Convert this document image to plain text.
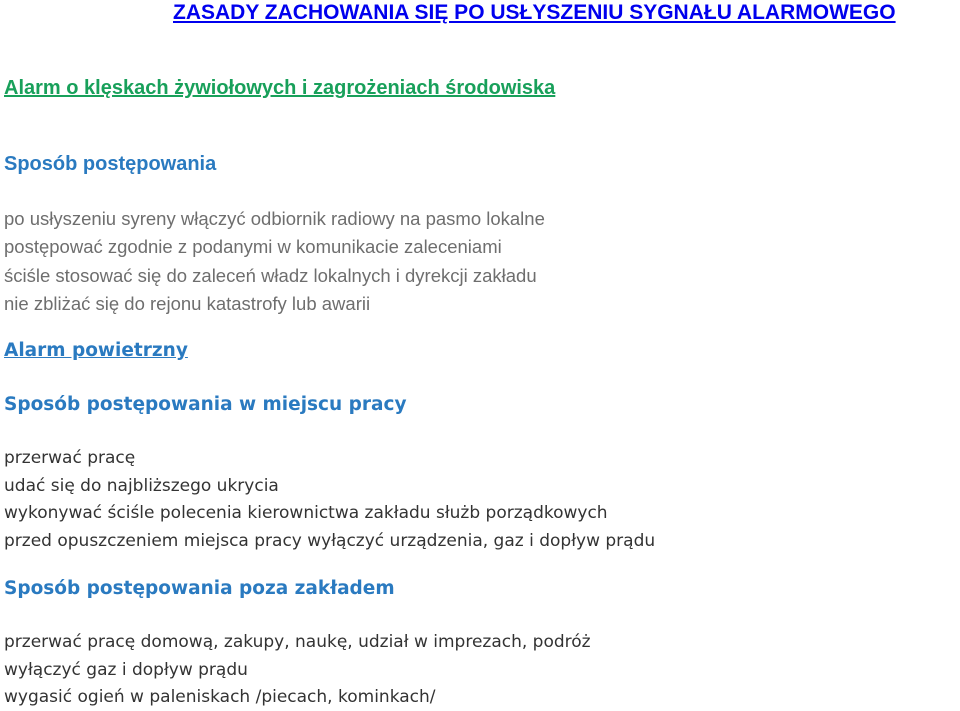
ZASADY ZACHOWANIA SIĘ PO USŁYSZENIU SYGNAŁU ALARMOWEGO
Alarm o klęskach żywiołowych i zagrożeniach środowiska
Sposób postępowania
po usłyszeniu syreny włączyć odbiornik radiowy na pasmo lokalne
postępować zgodnie z podanymi w komunikacie zaleceniami
ściśle stosować się do zaleceń władz lokalnych i dyrekcji zakładu
nie zbliżać się do rejonu katastrofy lub awarii
Alarm powietrzny
Sposób postępowania w miejscu pracy
przerwać pracę
udać się do najbliższego ukrycia
wykonywać ściśle polecenia kierownictwa zakładu służb porządkowych
przed opuszczeniem miejsca pracy wyłączyć urządzenia, gaz i dopływ prądu
Sposób postępowania poza zakładem
przerwać pracę domową, zakupy, naukę, udział w imprezach, podróż
wyłączyć gaz i dopływ prądu
wygasić ogień w paleniskach /piecach, kominkach/
